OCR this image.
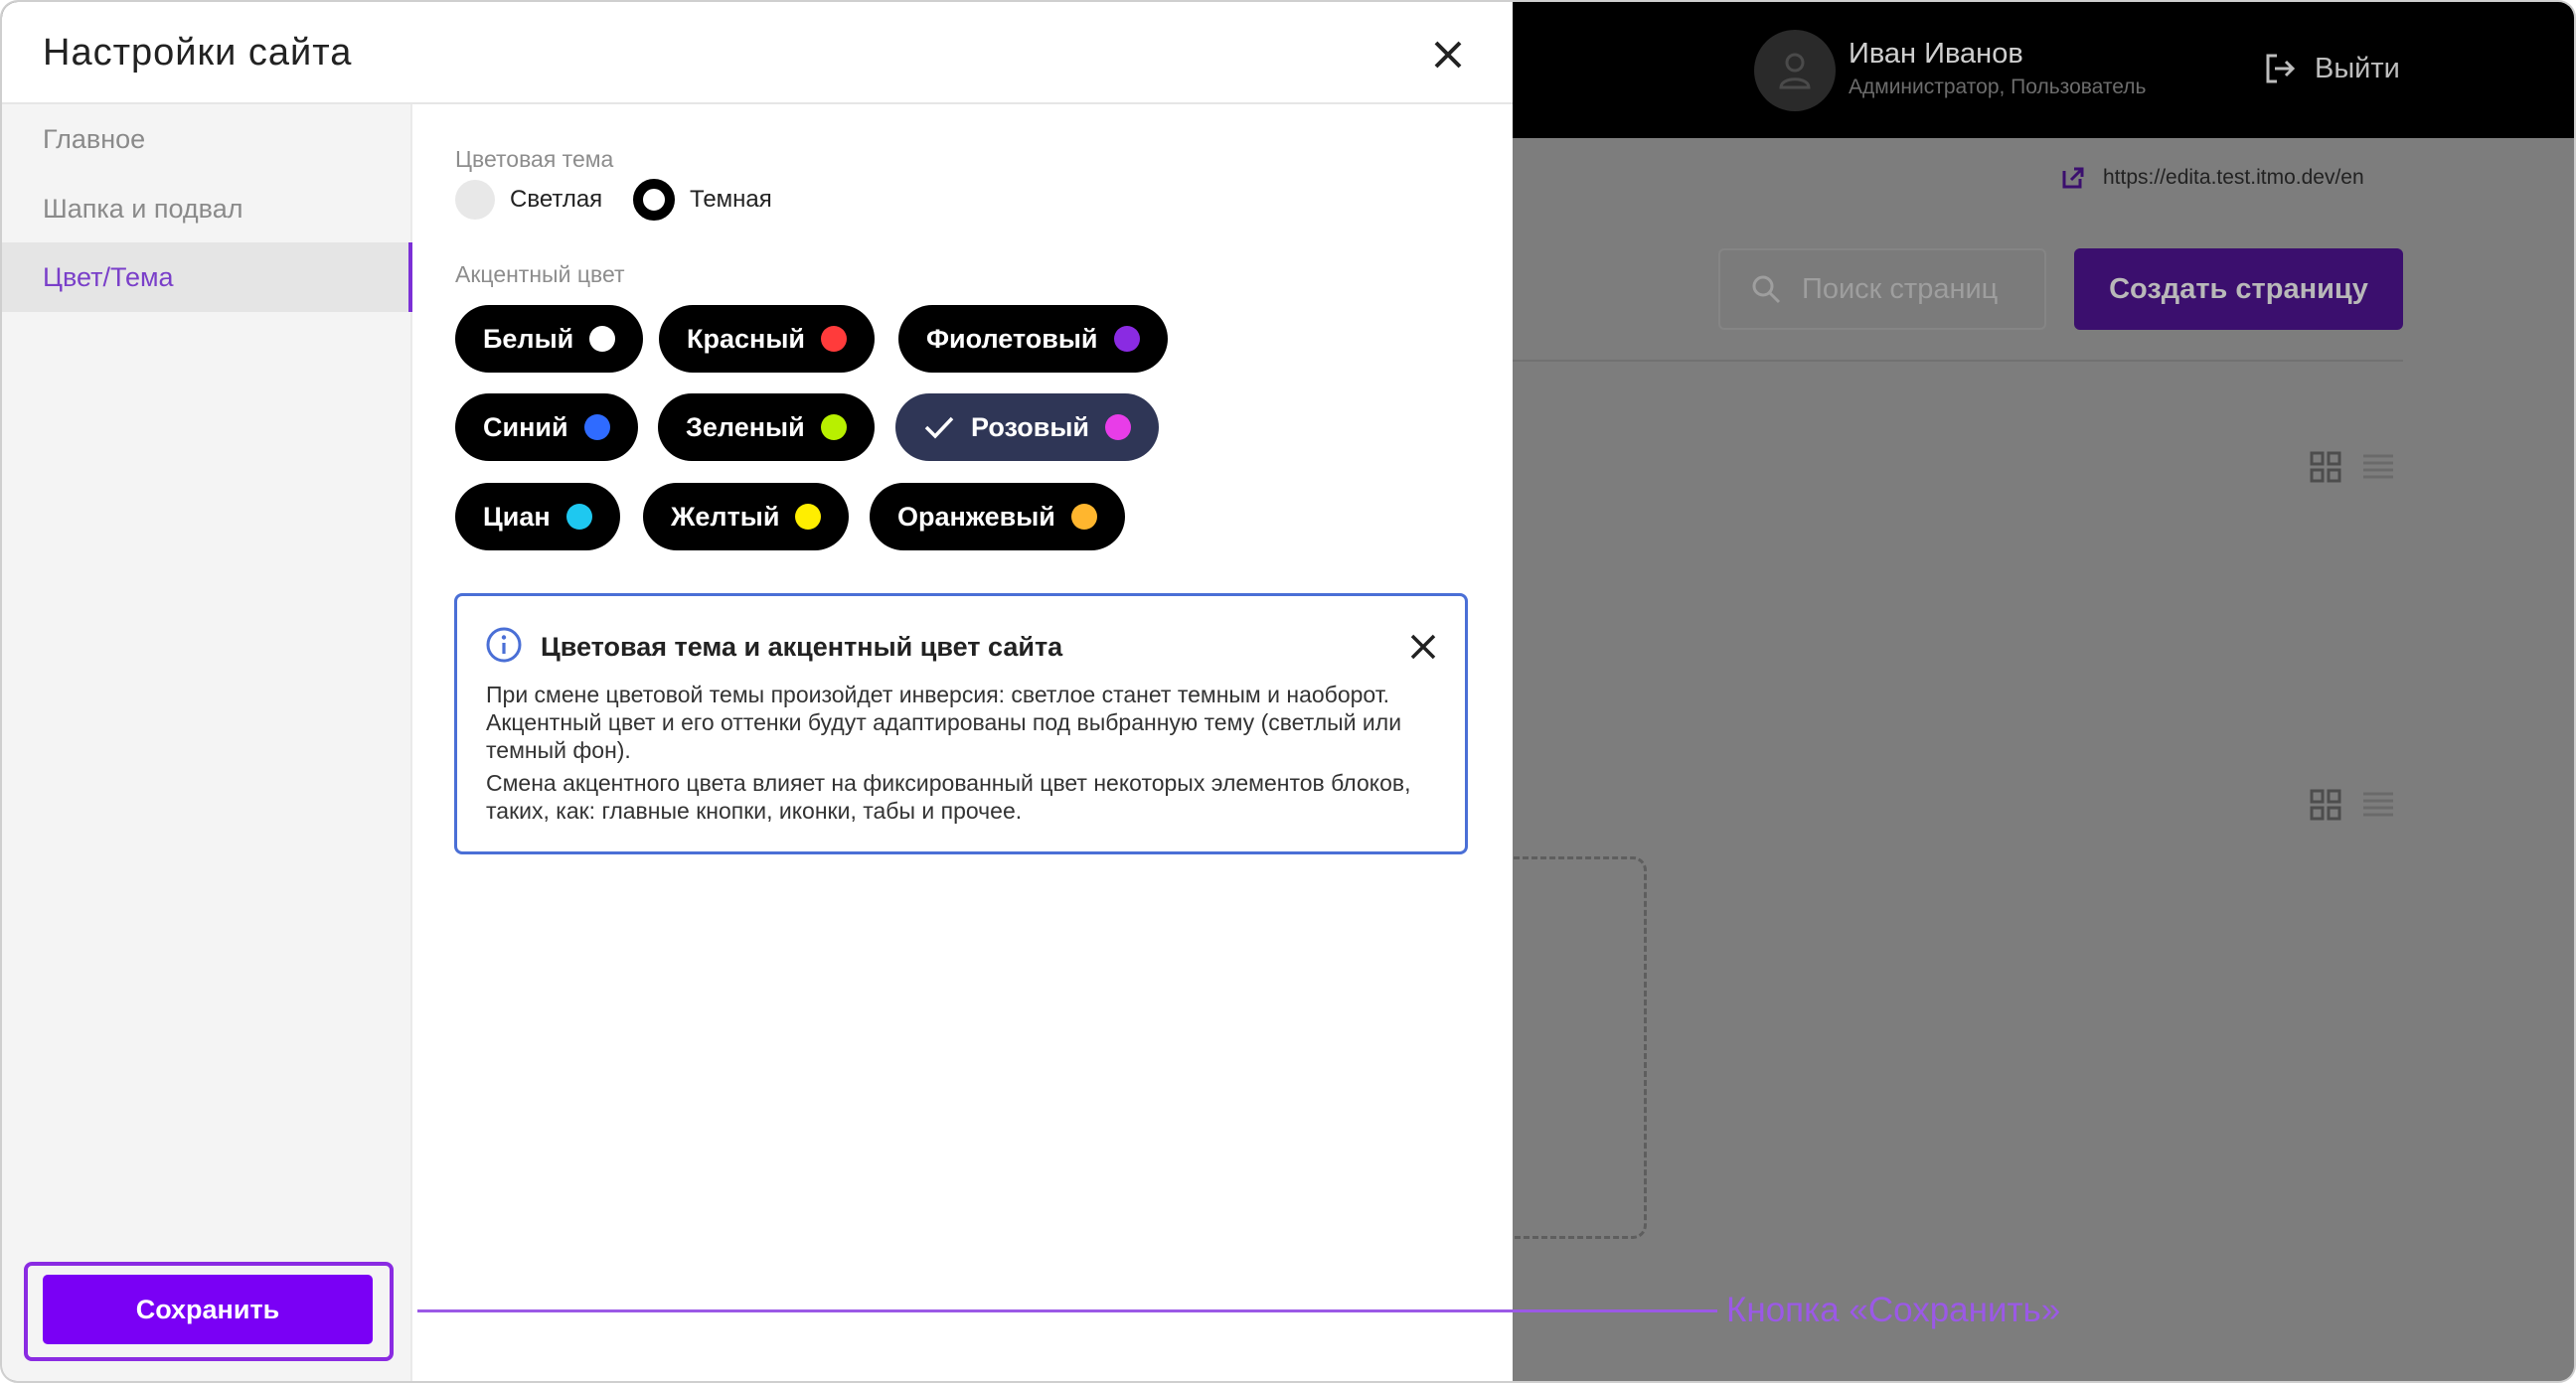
Иван Иванов
Администратор, Пользователь
Выйти
https://edita.test.itmo.dev/en
Поиск страниц	Создать страницу
Настройки сайта
Главное
Шапка и подвал
Цвет/Тема
Сохранить
Цветовая тема
Светлая	Темная
Акцентный цвет
Белый	Красный	Фиолетовый
Синий	Зеленый	Розовый
Циан	Желтый	Оранжевый
Цветовая тема и акцентный цвет сайта
При смене цветовой темы произойдет инверсия: светлое станет темным и наоборот. Акцентный цвет и его оттенки будут адаптированы под выбранную тему (светлый или темный фон).
Смена акцентного цвета влияет на фиксированный цвет некоторых элементов блоков, таких, как: главные кнопки, иконки, табы и прочее.
Кнопка «Сохранить»
